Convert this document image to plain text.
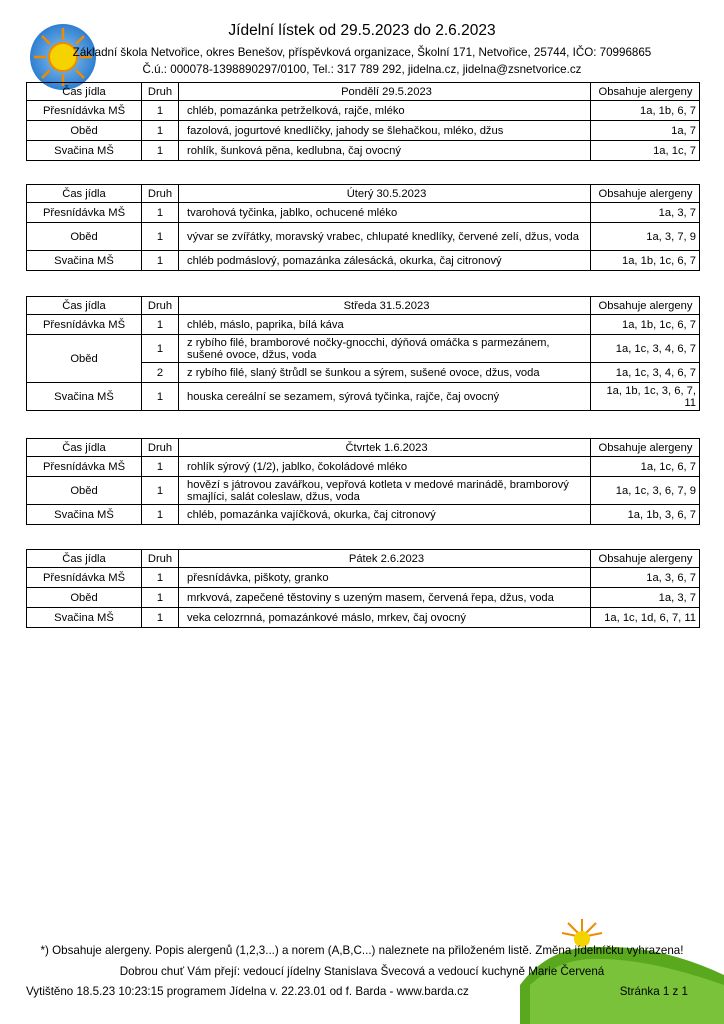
Jídelní lístek od 29.5.2023 do 2.6.2023
Základní škola Netvořice, okres Benešov, příspěvková organizace, Školní 171, Netvořice, 25744, IČO: 70996865
Č.ú.: 000078-1398890297/0100, Tel.: 317 789 292, jidelna.cz, jidelna@zsnetvorice.cz
Čas jídla	Druh	Pondělí 29.5.2023	Obsahuje alergeny
Přesnídávka MŠ	1	chléb, pomazánka petrželková, rajče, mléko	1a, 1b, 6, 7
Oběd	1	fazolová, jogurtové knedlíčky, jahody se šlehačkou, mléko, džus	1a, 7
Svačina MŠ	1	rohlík, šunková pěna, kedlubna, čaj ovocný	1a, 1c, 7
Čas jídla	Druh	Úterý 30.5.2023	Obsahuje alergeny
Přesnídávka MŠ	1	tvarohová tyčinka, jablko, ochucené mléko	1a, 3, 7
Oběd	1	vývar se zvířátky, moravský vrabec, chlupaté knedlíky, červené zelí, džus, voda	1a, 3, 7, 9
Svačina MŠ	1	chléb podmáslový, pomazánka zálesácká, okurka, čaj citronový	1a, 1b, 1c, 6, 7
Čas jídla	Druh	Středa 31.5.2023	Obsahuje alergeny
Přesnídávka MŠ	1	chléb, máslo, paprika, bílá káva	1a, 1b, 1c, 6, 7
Oběd	1	z rybího filé, bramborové nočky-gnocchi, dýňová omáčka s parmezánem, sušené ovoce, džus, voda	1a, 1c, 3, 4, 6, 7
	2	z rybího filé, slaný štrůdl se šunkou a sýrem, sušené ovoce, džus, voda	1a, 1c, 3, 4, 6, 7
Svačina MŠ	1	houska cereální se sezamem, sýrová tyčinka, rajče, čaj ovocný	1a, 1b, 1c, 3, 6, 7, 11
Čas jídla	Druh	Čtvrtek 1.6.2023	Obsahuje alergeny
Přesnídávka MŠ	1	rohlík sýrový (1/2), jablko, čokoládové mléko	1a, 1c, 6, 7
Oběd	1	hovězí s játrovou zavářkou, vepřová kotleta v medové marinádě, bramborový smajlíci, salát coleslaw, džus, voda	1a, 1c, 3, 6, 7, 9
Svačina MŠ	1	chléb, pomazánka vajíčková, okurka, čaj citronový	1a, 1b, 3, 6, 7
Čas jídla	Druh	Pátek 2.6.2023	Obsahuje alergeny
Přesnídávka MŠ	1	přesnídávka, piškoty, granko	1a, 3, 6, 7
Oběd	1	mrkvová, zapečené těstoviny s uzeným masem, červená řepa, džus, voda	1a, 3, 7
Svačina MŠ	1	veka celozrnná, pomazánkové máslo, mrkev, čaj ovocný	1a, 1c, 1d, 6, 7, 11
*) Obsahuje alergeny. Popis alergenů (1,2,3...) a norem (A,B,C...) naleznete na přiloženém listě. Změna jídelníčku vyhrazena!
Dobrou chuť Vám přejí: vedoucí jídelny Stanislava Švecová a vedoucí kuchyně Marie Červená
Vytištěno 18.5.23 10:23:15 programem Jídelna v. 22.23.01 od f. Barda - www.barda.cz	Stránka 1 z 1
